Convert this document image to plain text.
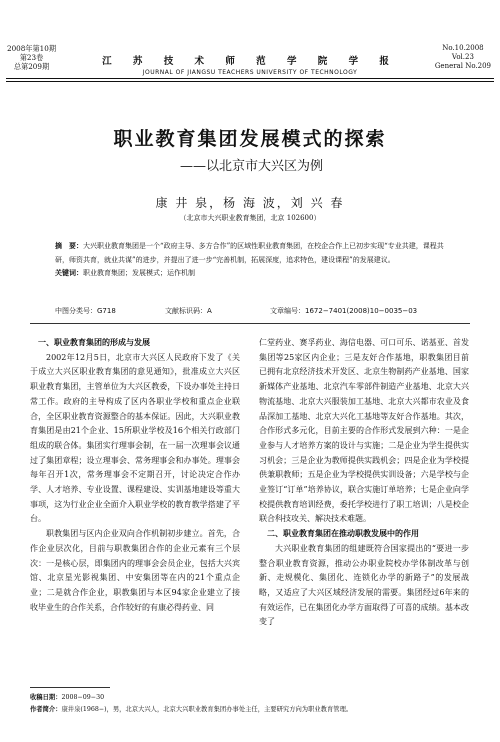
2008年第10期
第23卷
总第209期	江 苏 技 术 师 范 学 院 学 报
JOURNAL OF JIANGSU TEACHERS UNIVERSITY OF TECHNOLOGY
No.10.2008
Vol.23
General No.209
职业教育集团发展模式的探索
——以北京市大兴区为例
康 井 泉，杨 海 波，刘 兴 春
（北京市大兴职业教育集团，北京 102600）
摘　要：大兴职业教育集团是一个“政府主导、多方合作”的区域性职业教育集团，在校企合作上已初步实现“专业共建，课程共研，师资共育，就业共谋”的进步，并提出了进一步“完善机制，拓展深度，追求特色，建设课程”的发展建议。
关键词：职业教育集团；发展模式；运作机制
中图分类号：G718	文献标识码：A	文章编号：1672−7401(2008)10−0035−03
一、职业教育集团的形成与发展

2002年12月5日，北京市大兴区人民政府下发了《关于成立大兴区职业教育集团的意见通知》，批准成立大兴区职业教育集团，主管单位为大兴区教委，下设办事处主持日常工作。政府的主导构成了区内各职业学校和重点企业联合，全区职业教育资源整合的基本保证。因此，大兴职业教育集团是由21个企业、15所职业学校及16个相关行政部门组成的联合体。集团实行理事会制，在一届一次理事会议通过了集团章程；设立理事会、常务理事会和办事处。理事会每年召开1次，常务理事会不定期召开，讨论决定合作办学、人才培养、专业设置、课程建设、实训基地建设等重大事项，这为行业企业全面介入职业学校的教育教学搭建了平台。

职教集团与区内企业双向合作机制初步建立。首先，合作企业层次化，目前与职教集团合作的企业元素有三个层次：一是核心层，即集团内的理事会会员企业，包括大兴宾馆、北京星光影视集团、中安集团等在内的21个重点企业；二是就合作企业，职教集团与本区94家企业建立了接收毕业生的合作关系，合作较好的有康必得药业、同

仁堂药业、赛孚药业、海信电器、可口可乐、诺基亚、首发集团等25家区内企业；三是友好合作基地，职教集团目前已拥有北京经济技术开发区、北京生物制药产业基地、国家新媒体产业基地、北京汽车零部件制造产业基地、北京大兴物流基地、北京大兴服装加工基地、北京大兴都市农业及食品深加工基地、北京大兴化工基地等友好合作基地。其次，合作形式多元化，目前主要的合作形式发展到六种：一是企业参与人才培养方案的设计与实施；二是企业为学生提供实习机会；三是企业为教师提供实践机会；四是企业为学校提供兼职教师；五是企业为学校提供实训设备；六是学校与企业签订“订单”培养协议，联合实施订单培养；七是企业向学校提供教育培训经费，委托学校进行了职工培训；八是校企联合科技攻关、解决技术难题。

二、职业教育集团在推动职教发展中的作用

大兴职业教育集团的组建既符合国家提出的“要进一步整合职业教育资源，推动公办职业院校办学体制改革与创新、走规模化、集团化、连锁化办学的新路子”的发展战略，又适应了大兴区域经济发展的需要。集团经过6年来的有效运作，已在集团化办学方面取得了可喜的成绩。基本改变了

收稿日期：2008−09−30
作者简介：康井泉(1968−)，男，北京大兴人，北京大兴职业教育集团办事处主任，主要研究方向为职业教育管理。
